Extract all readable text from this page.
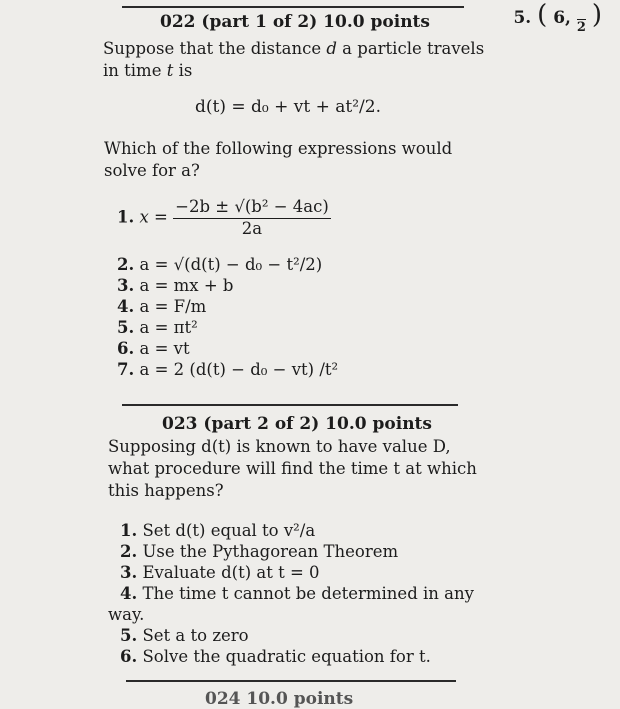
5. ( 6,
2 )
022 (part 1 of 2) 10.0 points
Suppose that the distance d a particle travels
in time t is
d(t) = d₀ + vt + at²/2.
Which of the following expressions would
solve for a?
1. $x = \frac{\text{−2b ± √(b² − 4ac)}}{2a}$
2. a = √(d(t) − d₀ − t²/2)
3. a = mx + b
4. a = F/m
5. a = πt²
6. a = vt
7. a = 2 (d(t) − d₀ − vt) /t²
023 (part 2 of 2) 10.0 points
Supposing d(t) is known to have value D,
what procedure will find the time t at which
this happens?
1. Set d(t) equal to v²/a
2. Use the Pythagorean Theorem
3. Evaluate d(t) at t = 0
4. The time t cannot be determined in any
way.
5. Set a to zero
6. Solve the quadratic equation for t.
024 10.0 points
